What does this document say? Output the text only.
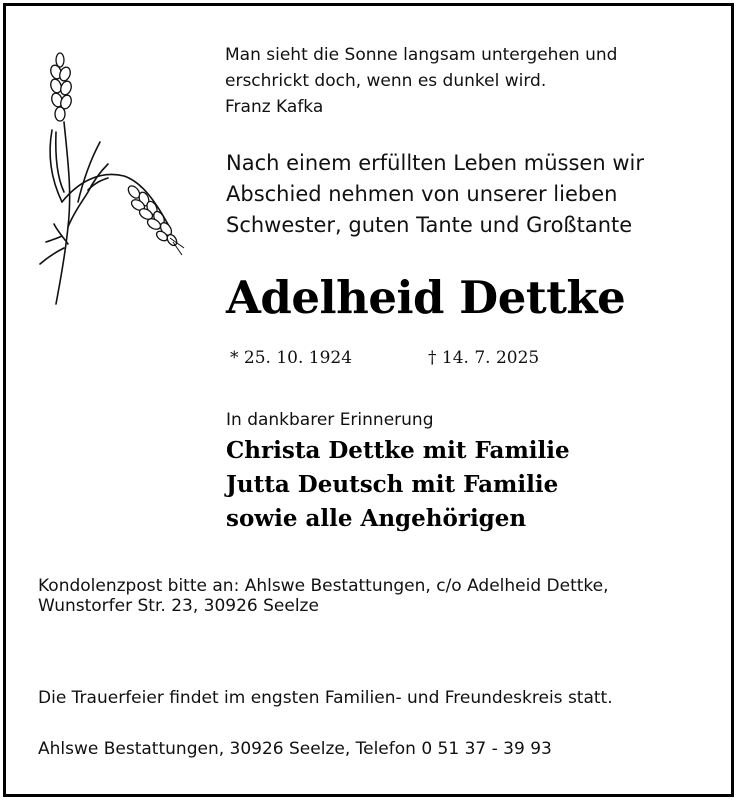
Man sieht die Sonne langsam untergehen und
erschrickt doch, wenn es dunkel wird.
Franz Kafka
Nach einem erfüllten Leben müssen wir
Abschied nehmen von unserer lieben
Schwester, guten Tante und Großtante
Adelheid Dettke
* 25. 10. 1924	† 14. 7. 2025
In dankbarer Erinnerung
Christa Dettke mit Familie
Jutta Deutsch mit Familie
sowie alle Angehörigen
Kondolenzpost bitte an: Ahlswe Bestattungen, c/o Adelheid Dettke,
Wunstorfer Str. 23, 30926 Seelze
Die Trauerfeier findet im engsten Familien- und Freundeskreis statt.
Ahlswe Bestattungen, 30926 Seelze, Telefon 0 51 37 - 39 93
